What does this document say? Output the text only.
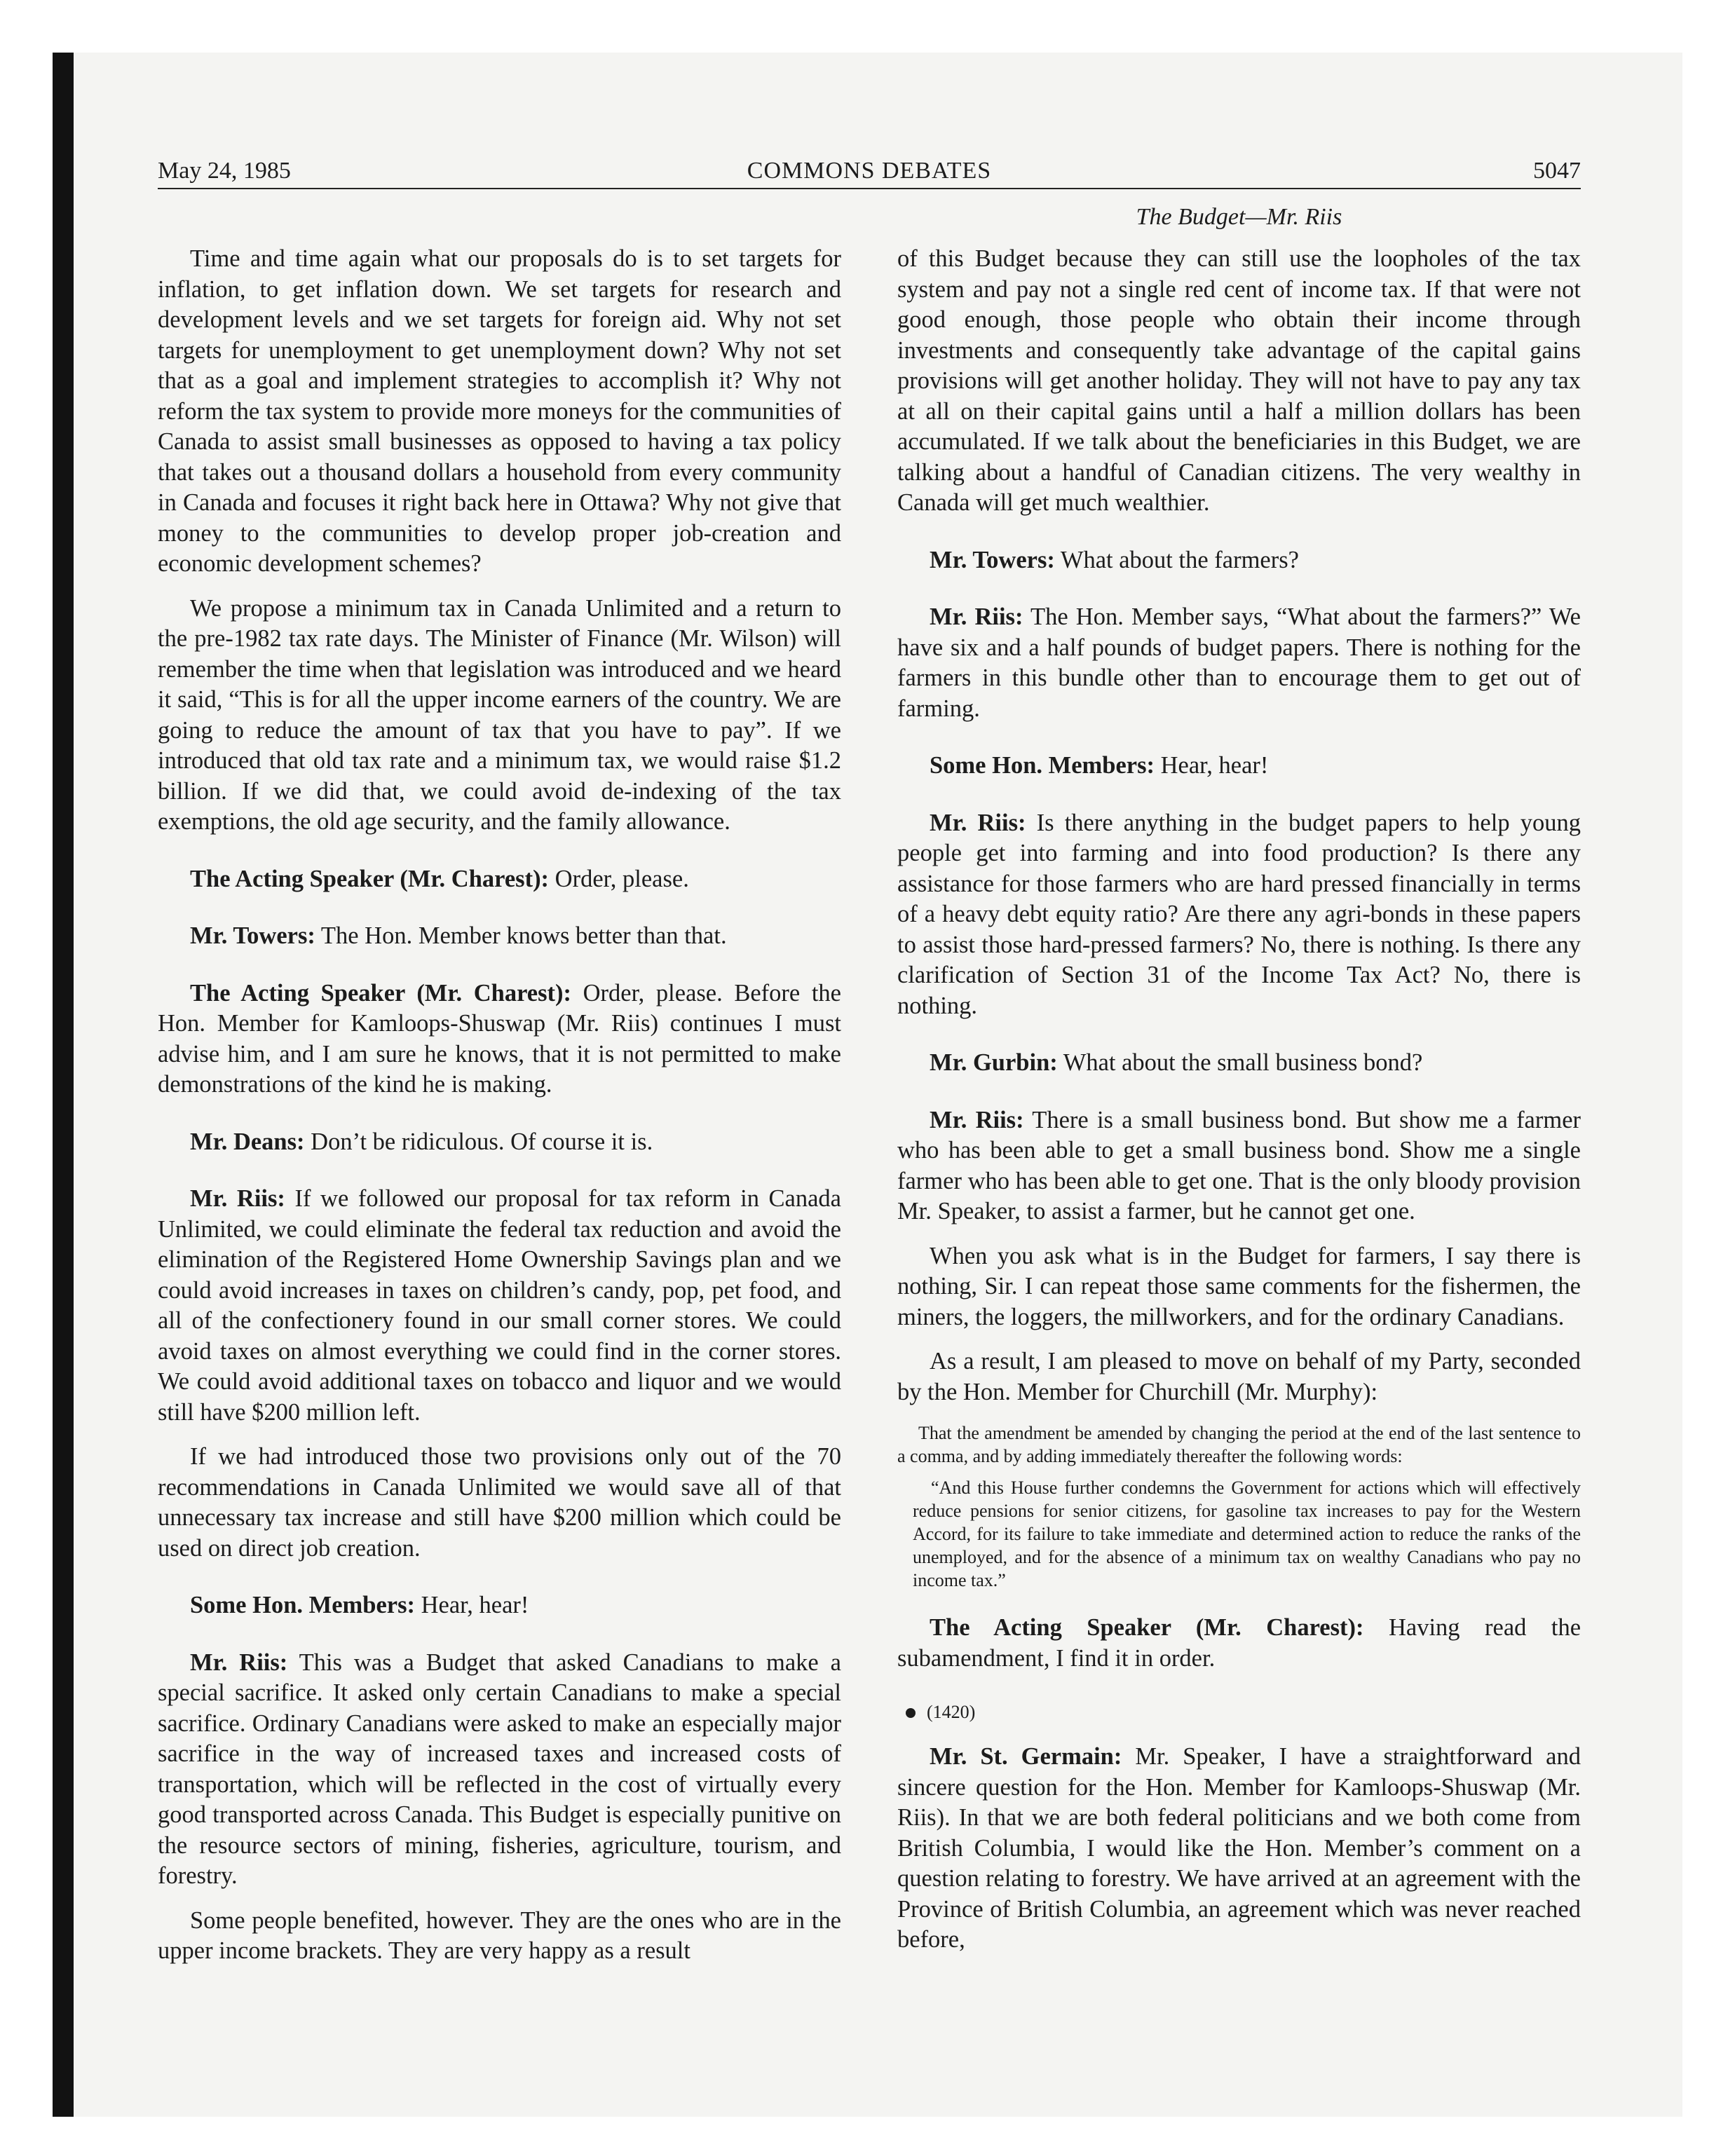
May 24, 1985	COMMONS DEBATES	5047
The Budget—Mr. Riis

Time and time again what our proposals do is to set targets for inflation, to get inflation down. We set targets for research and development levels and we set targets for foreign aid. Why not set targets for unemployment to get unemployment down? Why not set that as a goal and implement strategies to accomplish it? Why not reform the tax system to provide more moneys for the communities of Canada to assist small businesses as opposed to having a tax policy that takes out a thousand dollars a household from every community in Canada and focuses it right back here in Ottawa? Why not give that money to the communities to develop proper job-creation and economic development schemes?

We propose a minimum tax in Canada Unlimited and a return to the pre-1982 tax rate days. The Minister of Finance (Mr. Wilson) will remember the time when that legislation was introduced and we heard it said, “This is for all the upper income earners of the country. We are going to reduce the amount of tax that you have to pay”. If we introduced that old tax rate and a minimum tax, we would raise $1.2 billion. If we did that, we could avoid de-indexing of the tax exemptions, the old age security, and the family allowance.

The Acting Speaker (Mr. Charest): Order, please.

Mr. Towers: The Hon. Member knows better than that.

The Acting Speaker (Mr. Charest): Order, please. Before the Hon. Member for Kamloops-Shuswap (Mr. Riis) continues I must advise him, and I am sure he knows, that it is not permitted to make demonstrations of the kind he is making.

Mr. Deans: Don’t be ridiculous. Of course it is.

Mr. Riis: If we followed our proposal for tax reform in Canada Unlimited, we could eliminate the federal tax reduction and avoid the elimination of the Registered Home Ownership Savings plan and we could avoid increases in taxes on children’s candy, pop, pet food, and all of the confectionery found in our small corner stores. We could avoid taxes on almost everything we could find in the corner stores. We could avoid additional taxes on tobacco and liquor and we would still have $200 million left.

If we had introduced those two provisions only out of the 70 recommendations in Canada Unlimited we would save all of that unnecessary tax increase and still have $200 million which could be used on direct job creation.

Some Hon. Members: Hear, hear!

Mr. Riis: This was a Budget that asked Canadians to make a special sacrifice. It asked only certain Canadians to make a special sacrifice. Ordinary Canadians were asked to make an especially major sacrifice in the way of increased taxes and increased costs of transportation, which will be reflected in the cost of virtually every good transported across Canada. This Budget is especially punitive on the resource sectors of mining, fisheries, agriculture, tourism, and forestry.

Some people benefited, however. They are the ones who are in the upper income brackets. They are very happy as a result

of this Budget because they can still use the loopholes of the tax system and pay not a single red cent of income tax. If that were not good enough, those people who obtain their income through investments and consequently take advantage of the capital gains provisions will get another holiday. They will not have to pay any tax at all on their capital gains until a half a million dollars has been accumulated. If we talk about the beneficiaries in this Budget, we are talking about a handful of Canadian citizens. The very wealthy in Canada will get much wealthier.

Mr. Towers: What about the farmers?

Mr. Riis: The Hon. Member says, “What about the farmers?” We have six and a half pounds of budget papers. There is nothing for the farmers in this bundle other than to encourage them to get out of farming.

Some Hon. Members: Hear, hear!

Mr. Riis: Is there anything in the budget papers to help young people get into farming and into food production? Is there any assistance for those farmers who are hard pressed financially in terms of a heavy debt equity ratio? Are there any agri-bonds in these papers to assist those hard-pressed farmers? No, there is nothing. Is there any clarification of Section 31 of the Income Tax Act? No, there is nothing.

Mr. Gurbin: What about the small business bond?

Mr. Riis: There is a small business bond. But show me a farmer who has been able to get a small business bond. Show me a single farmer who has been able to get one. That is the only bloody provision Mr. Speaker, to assist a farmer, but he cannot get one.

When you ask what is in the Budget for farmers, I say there is nothing, Sir. I can repeat those same comments for the fishermen, the miners, the loggers, the millworkers, and for the ordinary Canadians.

As a result, I am pleased to move on behalf of my Party, seconded by the Hon. Member for Churchill (Mr. Murphy):

That the amendment be amended by changing the period at the end of the last sentence to a comma, and by adding immediately thereafter the following words:
“And this House further condemns the Government for actions which will effectively reduce pensions for senior citizens, for gasoline tax increases to pay for the Western Accord, for its failure to take immediate and determined action to reduce the ranks of the unemployed, and for the absence of a minimum tax on wealthy Canadians who pay no income tax.”

The Acting Speaker (Mr. Charest): Having read the subamendment, I find it in order.

(1420)

Mr. St. Germain: Mr. Speaker, I have a straightforward and sincere question for the Hon. Member for Kamloops-Shuswap (Mr. Riis). In that we are both federal politicians and we both come from British Columbia, I would like the Hon. Member’s comment on a question relating to forestry. We have arrived at an agreement with the Province of British Columbia, an agreement which was never reached before,
